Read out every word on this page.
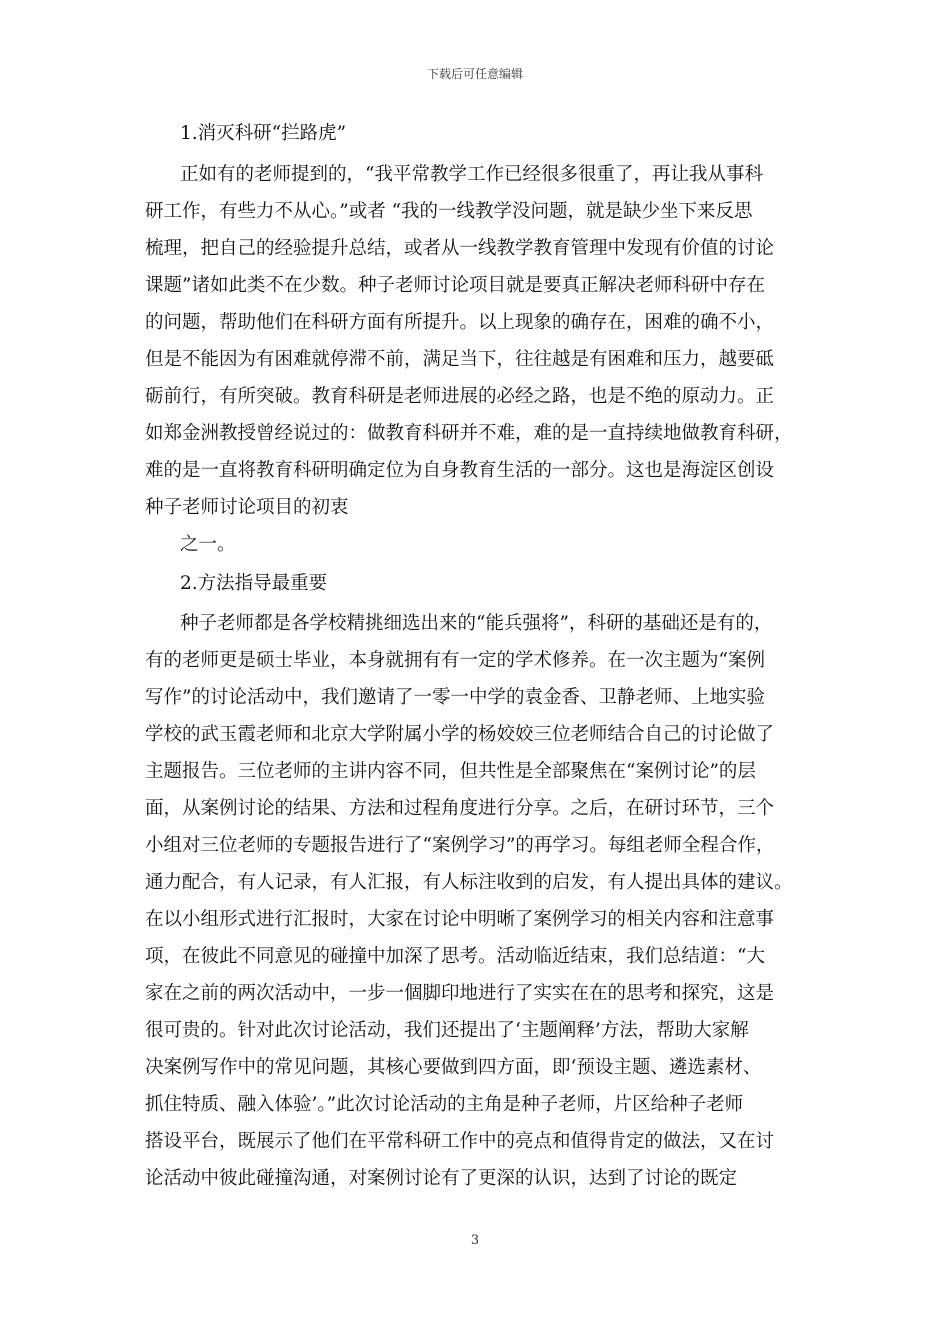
下载后可任意编辑
1.消灭科研“拦路虎”
正如有的老师提到的，“我平常教学工作已经很多很重了，再让我从事科
研工作，有些力不从心。”或者 “我的一线教学没问题，就是缺少坐下来反思
梳理，把自己的经验提升总结，或者从一线教学教育管理中发现有价值的讨论
课题”诸如此类不在少数。种子老师讨论项目就是要真正解决老师科研中存在
的问题，帮助他们在科研方面有所提升。以上现象的确存在，困难的确不小，
但是不能因为有困难就停滞不前，满足当下，往往越是有困难和压力，越要砥
砺前行，有所突破。教育科研是老师进展的必经之路，也是不绝的原动力。正
如郑金洲教授曾经说过的：做教育科研并不难，难的是一直持续地做教育科研，
难的是一直将教育科研明确定位为自身教育生活的一部分。这也是海淀区创设
种子老师讨论项目的初衷
之一。
2.方法指导最重要
种子老师都是各学校精挑细选出来的“能兵强将”，科研的基础还是有的，
有的老师更是硕士毕业，本身就拥有有一定的学术修养。在一次主题为“案例
写作”的讨论活动中，我们邀请了一零一中学的袁金香、卫静老师、上地实验
学校的武玉霞老师和北京大学附属小学的杨姣姣三位老师结合自己的讨论做了
主题报告。三位老师的主讲内容不同，但共性是全部聚焦在“案例讨论”的层
面，从案例讨论的结果、方法和过程角度进行分享。之后，在研讨环节，三个
小组对三位老师的专题报告进行了“案例学习”的再学习。每组老师全程合作，
通力配合，有人记录，有人汇报，有人标注收到的启发，有人提出具体的建议。
在以小组形式进行汇报时，大家在讨论中明晰了案例学习的相关内容和注意事
项，在彼此不同意见的碰撞中加深了思考。活动临近结束，我们总结道：“大
家在之前的两次活动中，一步一個脚印地进行了实实在在的思考和探究，这是
很可贵的。针对此次讨论活动，我们还提出了‘主题阐释’方法，帮助大家解
决案例写作中的常见问题，其核心要做到四方面，即‘预设主题、遴选素材、
抓住特质、融入体验’。”此次讨论活动的主角是种子老师，片区给种子老师
搭设平台，既展示了他们在平常科研工作中的亮点和值得肯定的做法，又在讨
论活动中彼此碰撞沟通，对案例讨论有了更深的认识，达到了讨论的既定
3
